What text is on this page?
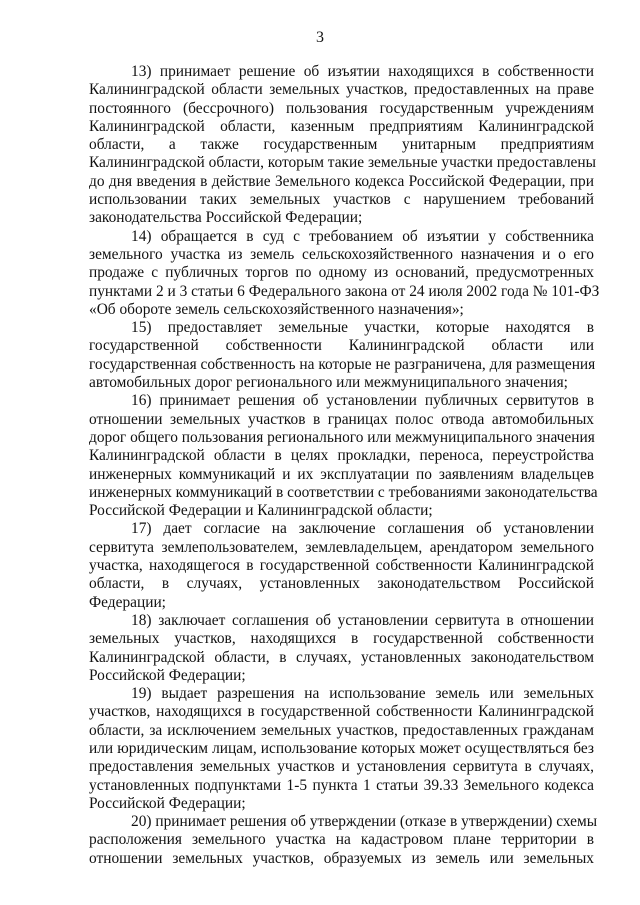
3
13) принимает решение об изъятии находящихся в собственности
Калининградской области земельных участков, предоставленных на праве
постоянного (бессрочного) пользования государственным учреждениям
Калининградской области, казенным предприятиям Калининградской
области, а также государственным унитарным предприятиям
Калининградской области, которым такие земельные участки предоставлены
до дня введения в действие Земельного кодекса Российской Федерации, при
использовании таких земельных участков с нарушением требований
законодательства Российской Федерации;
14) обращается в суд с требованием об изъятии у собственника
земельного участка из земель сельскохозяйственного назначения и о его
продаже с публичных торгов по одному из оснований, предусмотренных
пунктами 2 и 3 статьи 6 Федерального закона от 24 июля 2002 года № 101-ФЗ
«Об обороте земель сельскохозяйственного назначения»;
15) предоставляет земельные участки, которые находятся в
государственной собственности Калининградской области или
государственная собственность на которые не разграничена, для размещения
автомобильных дорог регионального или межмуниципального значения;
16) принимает решения об установлении публичных сервитутов в
отношении земельных участков в границах полос отвода автомобильных
дорог общего пользования регионального или межмуниципального значения
Калининградской области в целях прокладки, переноса, переустройства
инженерных коммуникаций и их эксплуатации по заявлениям владельцев
инженерных коммуникаций в соответствии с требованиями законодательства
Российской Федерации и Калининградской области;
17) дает согласие на заключение соглашения об установлении
сервитута землепользователем, землевладельцем, арендатором земельного
участка, находящегося в государственной собственности Калининградской
области, в случаях, установленных законодательством Российской
Федерации;
18) заключает соглашения об установлении сервитута в отношении
земельных участков, находящихся в государственной собственности
Калининградской области, в случаях, установленных законодательством
Российской Федерации;
19) выдает разрешения на использование земель или земельных
участков, находящихся в государственной собственности Калининградской
области, за исключением земельных участков, предоставленных гражданам
или юридическим лицам, использование которых может осуществляться без
предоставления земельных участков и установления сервитута в случаях,
установленных подпунктами 1-5 пункта 1 статьи 39.33 Земельного кодекса
Российской Федерации;
20) принимает решения об утверждении (отказе в утверждении) схемы
расположения земельного участка на кадастровом плане территории в
отношении земельных участков, образуемых из земель или земельных
